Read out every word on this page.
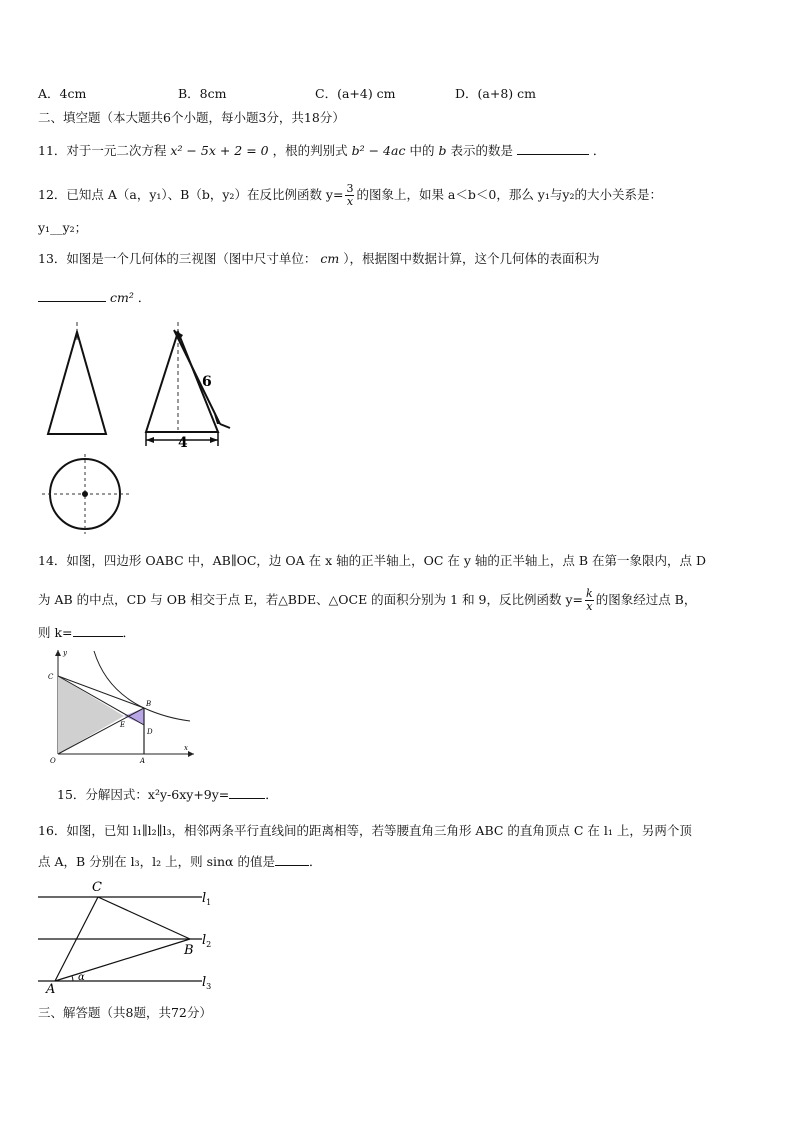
A．4cm	B．8cm	C．(a+4) cm	D．(a+8) cm
二、填空题（本大题共6个小题，每小题3分，共18分）
11．对于一元二次方程 x² − 5x + 2 = 0 ，根的判别式 b² − 4ac 中的 b 表示的数是	．
12．已知点 A（a，y₁）、B（b，y₂）在反比例函数 $y= \frac{3}{x}$ 的图象上，如果 a＜b＜0，那么 y₁与y₂的大小关系是：
y₁__y₂；
13．如图是一个几何体的三视图（图中尺寸单位： cm ），根据图中数据计算，这个几何体的表面积为
cm² ．
6
4
14．如图，四边形 OABC 中，AB∥OC，边 OA 在 x 轴的正半轴上，OC 在 y 轴的正半轴上，点 B 在第一象限内，点 D
为 AB 的中点，CD 与 OB 相交于点 E，若△BDE、△OCE 的面积分别为 1 和 9，反比例函数 $y= \frac{k}{x}$ 的图象经过点 B，
则 k=	．
y
x
C
B
E
D
O	A
15．分解因式：x²y-6xy+9y=	．
16．如图，已知 l₁∥l₂∥l₃，相邻两条平行直线间的距离相等，若等腰直角三角形 ABC 的直角顶点 C 在 l₁ 上，另两个顶
点 A，B 分别在 l₃，l₂ 上，则 sinα 的值是	．
C
B
A
α
$l_1$
$l_2$
$l_3$
三、解答题（共8题，共72分）
